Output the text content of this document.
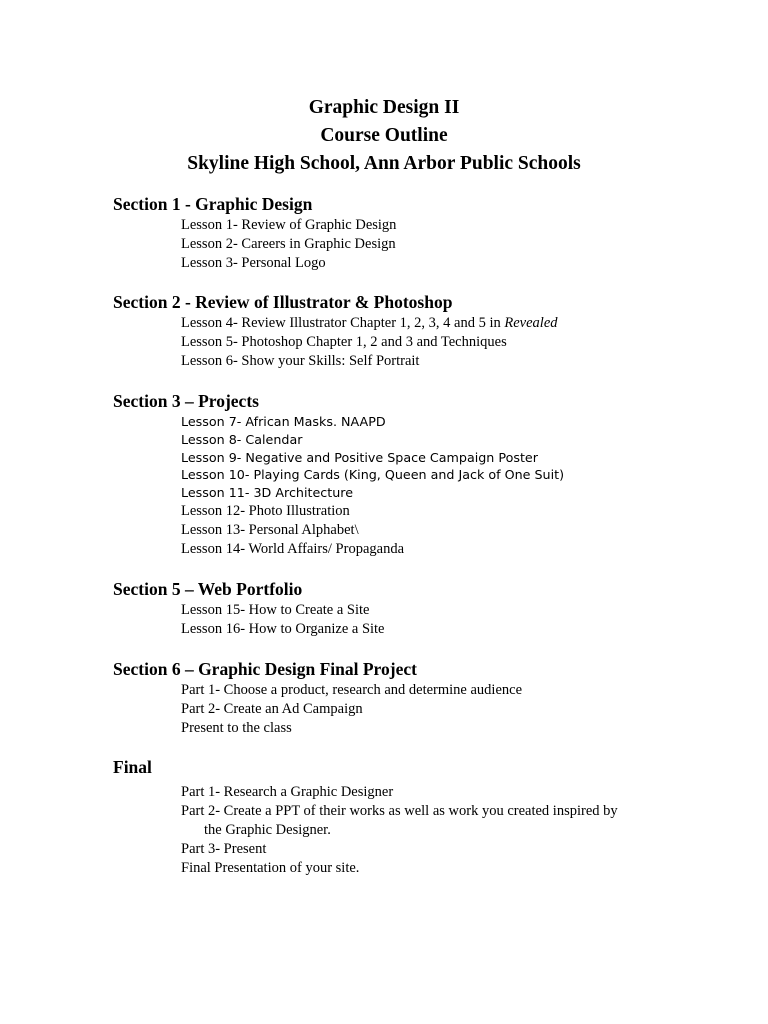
Graphic Design II
Course Outline
Skyline High School, Ann Arbor Public Schools
Section 1 - Graphic Design
Lesson 1- Review of Graphic Design
Lesson 2- Careers in Graphic Design
Lesson 3- Personal Logo
Section 2 - Review of Illustrator & Photoshop
Lesson 4- Review Illustrator Chapter 1, 2, 3, 4 and 5 in Revealed
Lesson 5- Photoshop Chapter 1, 2 and 3 and Techniques
Lesson 6- Show your Skills: Self Portrait
Section 3 – Projects
Lesson 7- African Masks. NAAPD
Lesson 8- Calendar
Lesson 9- Negative and Positive Space Campaign Poster
Lesson 10- Playing Cards (King, Queen and Jack of One Suit)
Lesson 11- 3D Architecture
Lesson 12- Photo Illustration
Lesson 13- Personal Alphabet\
Lesson 14- World Affairs/ Propaganda
Section 5 – Web Portfolio
Lesson 15- How to Create a Site
Lesson 16- How to Organize a Site
Section 6 – Graphic Design Final Project
Part 1- Choose a product, research and determine audience
Part 2- Create an Ad Campaign
Present to the class
Final
Part 1- Research a Graphic Designer
Part 2- Create a PPT of their works as well as work you created inspired by
the Graphic Designer.
Part 3- Present
Final Presentation of your site.
